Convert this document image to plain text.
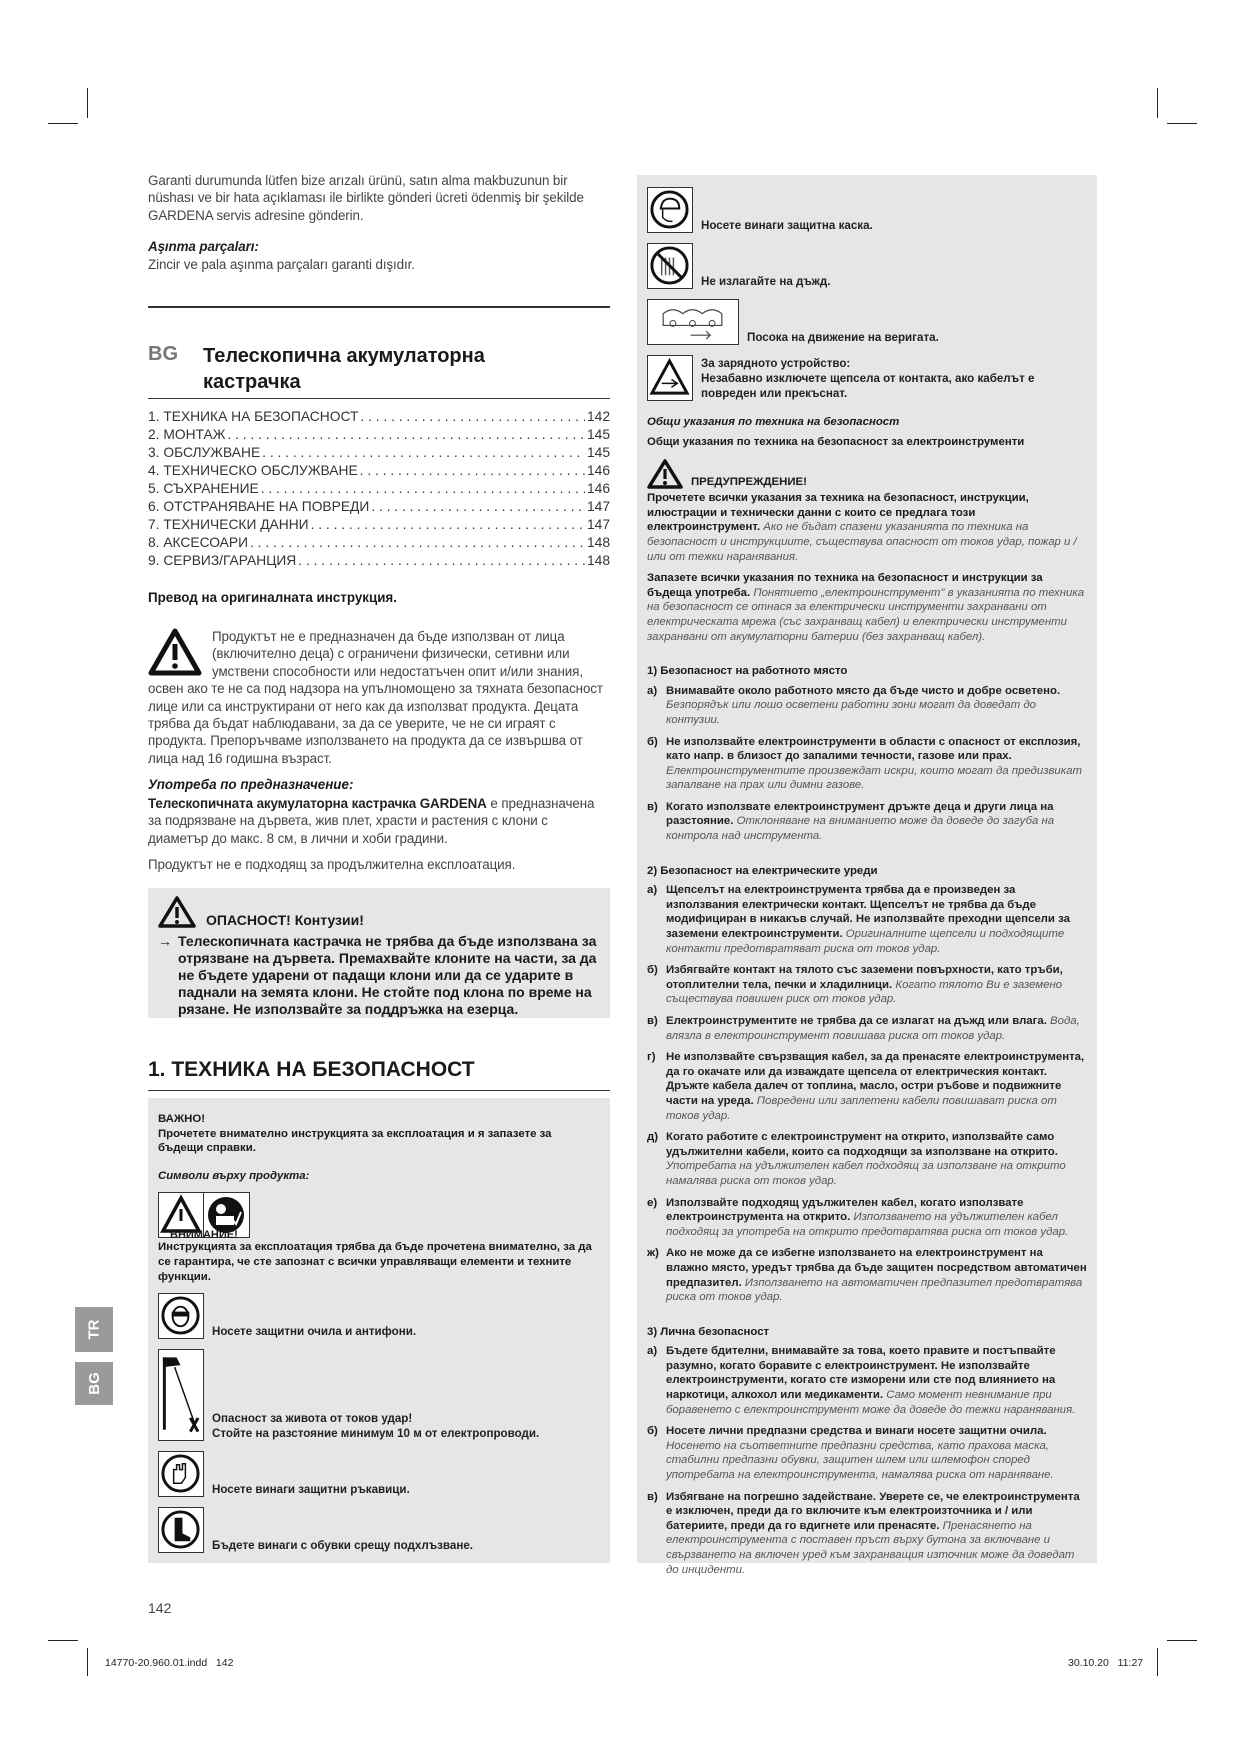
Garanti durumunda lütfen bize arızalı ürünü, satın alma makbuzunun bir nüshası ve bir hata açıklaması ile birlikte gönderi ücreti ödenmiş bir şekilde GARDENA servis adresine gönderin.

Aşınma parçaları:

Zincir ve pala aşınma parçaları garanti dışıdır.

BG	Телескопична акумулаторна
кастрачка
1. ТЕХНИКА НА БЕЗОПАСНОСТ . . .	142
2. МОНТАЖ . . .	145
3. ОБСЛУЖВАНЕ . . .	145
4. ТЕХНИЧЕСКО ОБСЛУЖВАНЕ . . .	146
5. СЪХРАНЕНИЕ . . .	146
6. ОТСТРАНЯВАНЕ НА ПОВРЕДИ . . .	147
7. ТЕХНИЧЕСКИ ДАННИ . . .	147
8. АКСЕСОАРИ . . .	148
9. СЕРВИЗ/ГАРАНЦИЯ . . .	148

Превод на оригиналната инструкция.

Продуктът не е предназначен да бъде използван от лица (включително деца) с ограничени физически, сетивни или умствени способности или недостатъчен опит и/или знания, освен ако те не са под надзора на упълномощено за тяхната безопасност лице или са инструктирани от него как да използват продукта. Децата трябва да бъдат наблюдавани, за да се уверите, че не си играят с продукта. Препоръчваме използването на продукта да се извършва от лица над 16 годишна възраст.

Употреба по предназначение:

Телескопичната акумулаторна кастрачка GARDENA е предназначена за подрязване на дървета, жив плет, храсти и растения с клони с диаметър до макс. 8 см, в лични и хоби градини.

Продуктът не е подходящ за продължителна експлоатация.

ОПАСНОСТ! Контузии!
→ Телескопичната кастрачка не трябва да бъде използвана за отрязване на дървета. Премахвайте клоните на части, за да не бъдете ударени от падащи клони или да се ударите в паднали на земята клони. Не стойте под клона по време на рязане. Не използвайте за поддръжка на езерца.
1. ТЕХНИКА НА БЕЗОПАСНОСТ

ВАЖНО!

Прочетете внимателно инструкцията за експлоатация и я запазете за бъдещи справки.

Символи върху продукта:

ВНИМАНИЕ!

Инструкцията за експлоатация трябва да бъде прочетена внимателно, за да се гарантира, че сте запознат с всички управляващи елементи и техните функции.

Носете защитни очила и антифони.
Опасност за живота от токов удар!
Стойте на разстояние минимум 10 м от електропроводи.
Носете винаги защитни ръкавици.
Бъдете винаги с обувки срещу подхлъзване.
Носете винаги защитна каска.
Не излагайте на дъжд.
Посока на движение на веригата.
За зарядното устройство:
Незабавно изключете щепсела от контакта, ако кабелът е повреден или прекъснат.

Общи указания по техника на безопасност

Общи указания по техника на безопасност за електроинструменти

ПРЕДУПРЕЖДЕНИЕ!

Прочетете всички указания за техника на безопасност, инструкции, илюстрации и технически данни с които се предлага този електроинструмент. Ако не бъдат спазени указанията по техника на безопасност и инструкциите, съществува опасност от токов удар, пожар и / или от тежки наранявания.

Запазете всички указания по техника на безопасност и инструкции за бъдеща употреба. Понятието „електроинструмент" в указанията по техника на безопасност се отнася за електрически инструменти захранвани от електрическата мрежа (със захранващ кабел) и електрически инструменти захранвани от акумулаторни батерии (без захранващ кабел).

1) Безопасност на работното място

a) Внимавайте около работното място да бъде чисто и добре осветено. Безпорядък или лошо осветени работни зони могат да доведат до контузии.
б) Не използвайте електроинструменти в области с опасност от експлозия, като напр. в близост до запалими течности, газове или прах. Електроинструментите произвеждат искри, които могат да предизвикат запалване на прах или димни газове.
в) Когато използвате електроинструмент дръжте деца и други лица на разстояние. Отклоняване на вниманието може да доведе до загуба на контрола над инструмента.

2) Безопасност на електрическите уреди

a) Щепселът на електроинструмента трябва да е произведен за използвания електрически контакт. Щепселът не трябва да бъде модифициран в никакъв случай. Не използвайте преходни щепсели за заземени електроинструменти. Оригиналните щепсели и подходящите контакти предотвратяват риска от токов удар.
б) Избягвайте контакт на тялото със заземени повърхности, като тръби, отоплителни тела, печки и хладилници. Когато тялото Ви е заземено съществува повишен риск от токов удар.
в) Електроинструментите не трябва да се излагат на дъжд или влага. Вода, влязла в електроинструмент повишава риска от токов удар.
г) Не използвайте свързващия кабел, за да пренасяте електроинструмента, да го окачате или да изваждате щепсела от електрическия контакт. Дръжте кабела далеч от топлина, масло, остри ръбове и подвижните части на уреда. Повредени или заплетени кабели повишават риска от токов удар.
д) Когато работите с електроинструмент на открито, използвайте само удължителни кабели, които са подходящи за използване на открито. Употребата на удължителен кабел подходящ за използване на открито намалява риска от токов удар.
е) Използвайте подходящ удължителен кабел, когато използвате електроинструмента на открито. Използването на удължителен кабел подходящ за употреба на открито предотвратява риска от токов удар.
ж) Ако не може да се избегне използването на електроинструмент на влажно място, уредът трябва да бъде защитен посредством автоматичен предпазител. Използването на автоматичен предпазител предотвратява риска от токов удар.

3) Лична безопасност

a) Бъдете бдителни, внимавайте за това, което правите и постъпвайте разумно, когато боравите с електроинструмент. Не използвайте електроинструменти, когато сте изморени или сте под влиянието на наркотици, алкохол или медикаменти. Само момент невнимание при боравенето с електроинструмент може да доведе до тежки наранявания.
б) Носете лични предпазни средства и винаги носете защитни очила. Носенето на съответните предпазни средства, като прахова маска, стабилни предпазни обувки, защитен шлем или шлемофон според употребата на електроинструмента, намалява риска от нараняване.
в) Избягване на погрешно задействане. Уверете се, че електроинструмента е изключен, преди да го включите към електроизточника и / или батериите, преди да го вдигнете или пренасяте. Пренасянето на електроинструмента с поставен пръст върху бутона за включване и свързването на включен уред към захранващия източник може да доведат до инциденти.
TR
BG
142
14770-20.960.01.indd   142	30.10.20   11:27
